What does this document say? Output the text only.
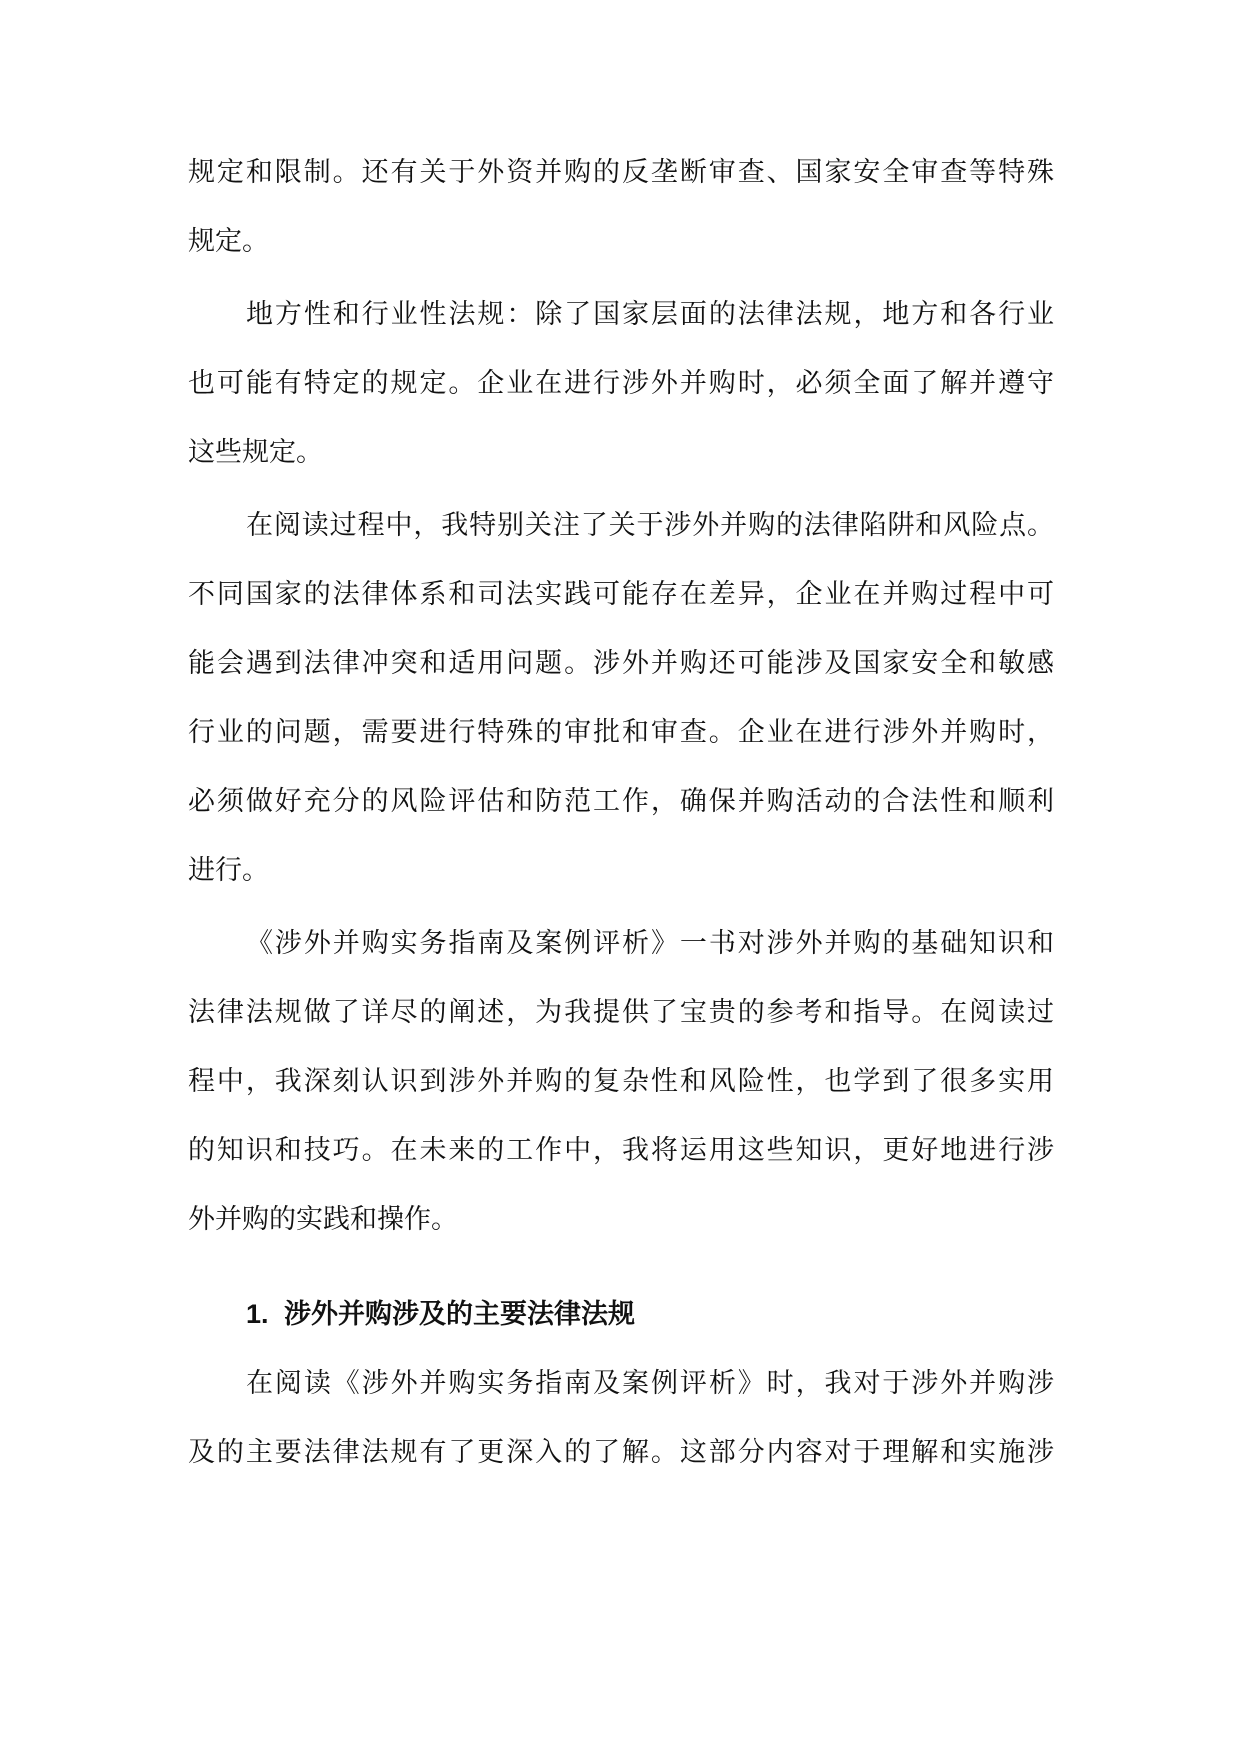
规定和限制。还有关于外资并购的反垄断审查、国家安全审查等特殊
规定。
地方性和行业性法规：除了国家层面的法律法规，地方和各行业
也可能有特定的规定。企业在进行涉外并购时，必须全面了解并遵守
这些规定。
在阅读过程中，我特别关注了关于涉外并购的法律陷阱和风险点。
不同国家的法律体系和司法实践可能存在差异，企业在并购过程中可
能会遇到法律冲突和适用问题。涉外并购还可能涉及国家安全和敏感
行业的问题，需要进行特殊的审批和审查。企业在进行涉外并购时，
必须做好充分的风险评估和防范工作，确保并购活动的合法性和顺利
进行。
《涉外并购实务指南及案例评析》一书对涉外并购的基础知识和
法律法规做了详尽的阐述，为我提供了宝贵的参考和指导。在阅读过
程中，我深刻认识到涉外并购的复杂性和风险性，也学到了很多实用
的知识和技巧。在未来的工作中，我将运用这些知识，更好地进行涉
外并购的实践和操作。
1. 涉外并购涉及的主要法律法规
在阅读《涉外并购实务指南及案例评析》时，我对于涉外并购涉
及的主要法律法规有了更深入的了解。这部分内容对于理解和实施涉
